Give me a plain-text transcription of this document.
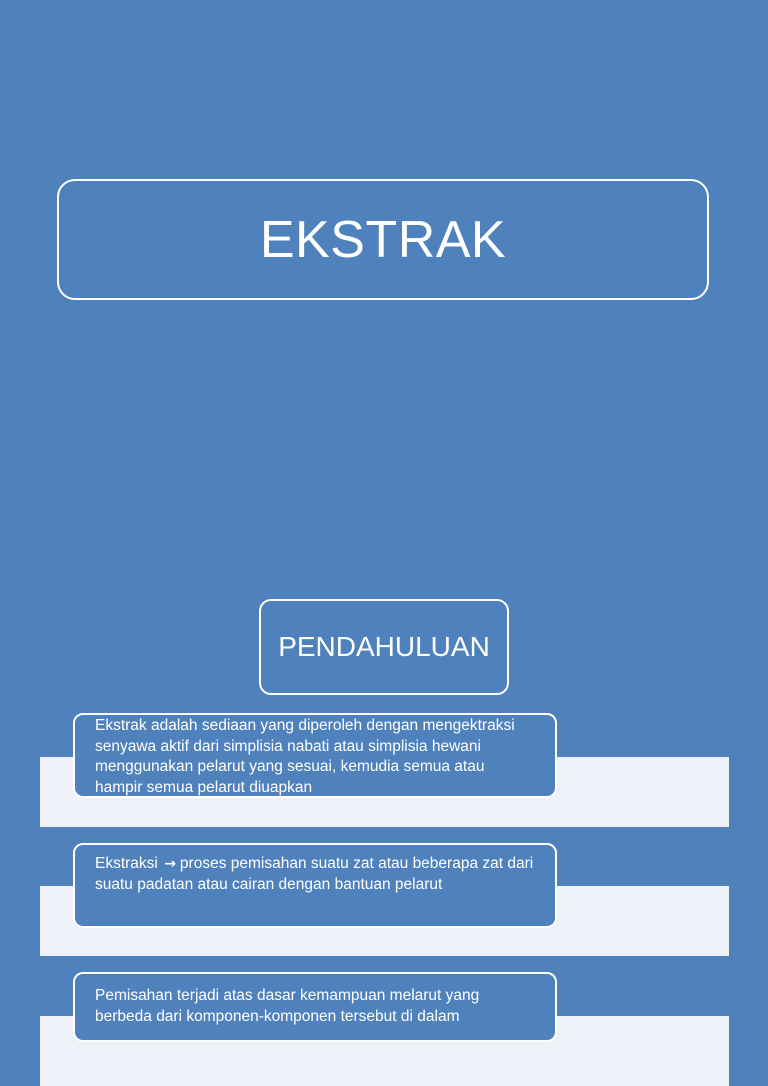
EKSTRAK
PENDAHULUAN

Ekstrak adalah sediaan yang diperoleh dengan mengektraksi senyawa aktif dari simplisia nabati atau simplisia hewani menggunakan pelarut yang sesuai, kemudia semua atau hampir semua pelarut diuapkan

Ekstraksi → proses pemisahan suatu zat atau beberapa zat dari suatu padatan atau cairan dengan bantuan pelarut

Pemisahan terjadi atas dasar kemampuan melarut yang berbeda dari komponen-komponen tersebut di dalam
